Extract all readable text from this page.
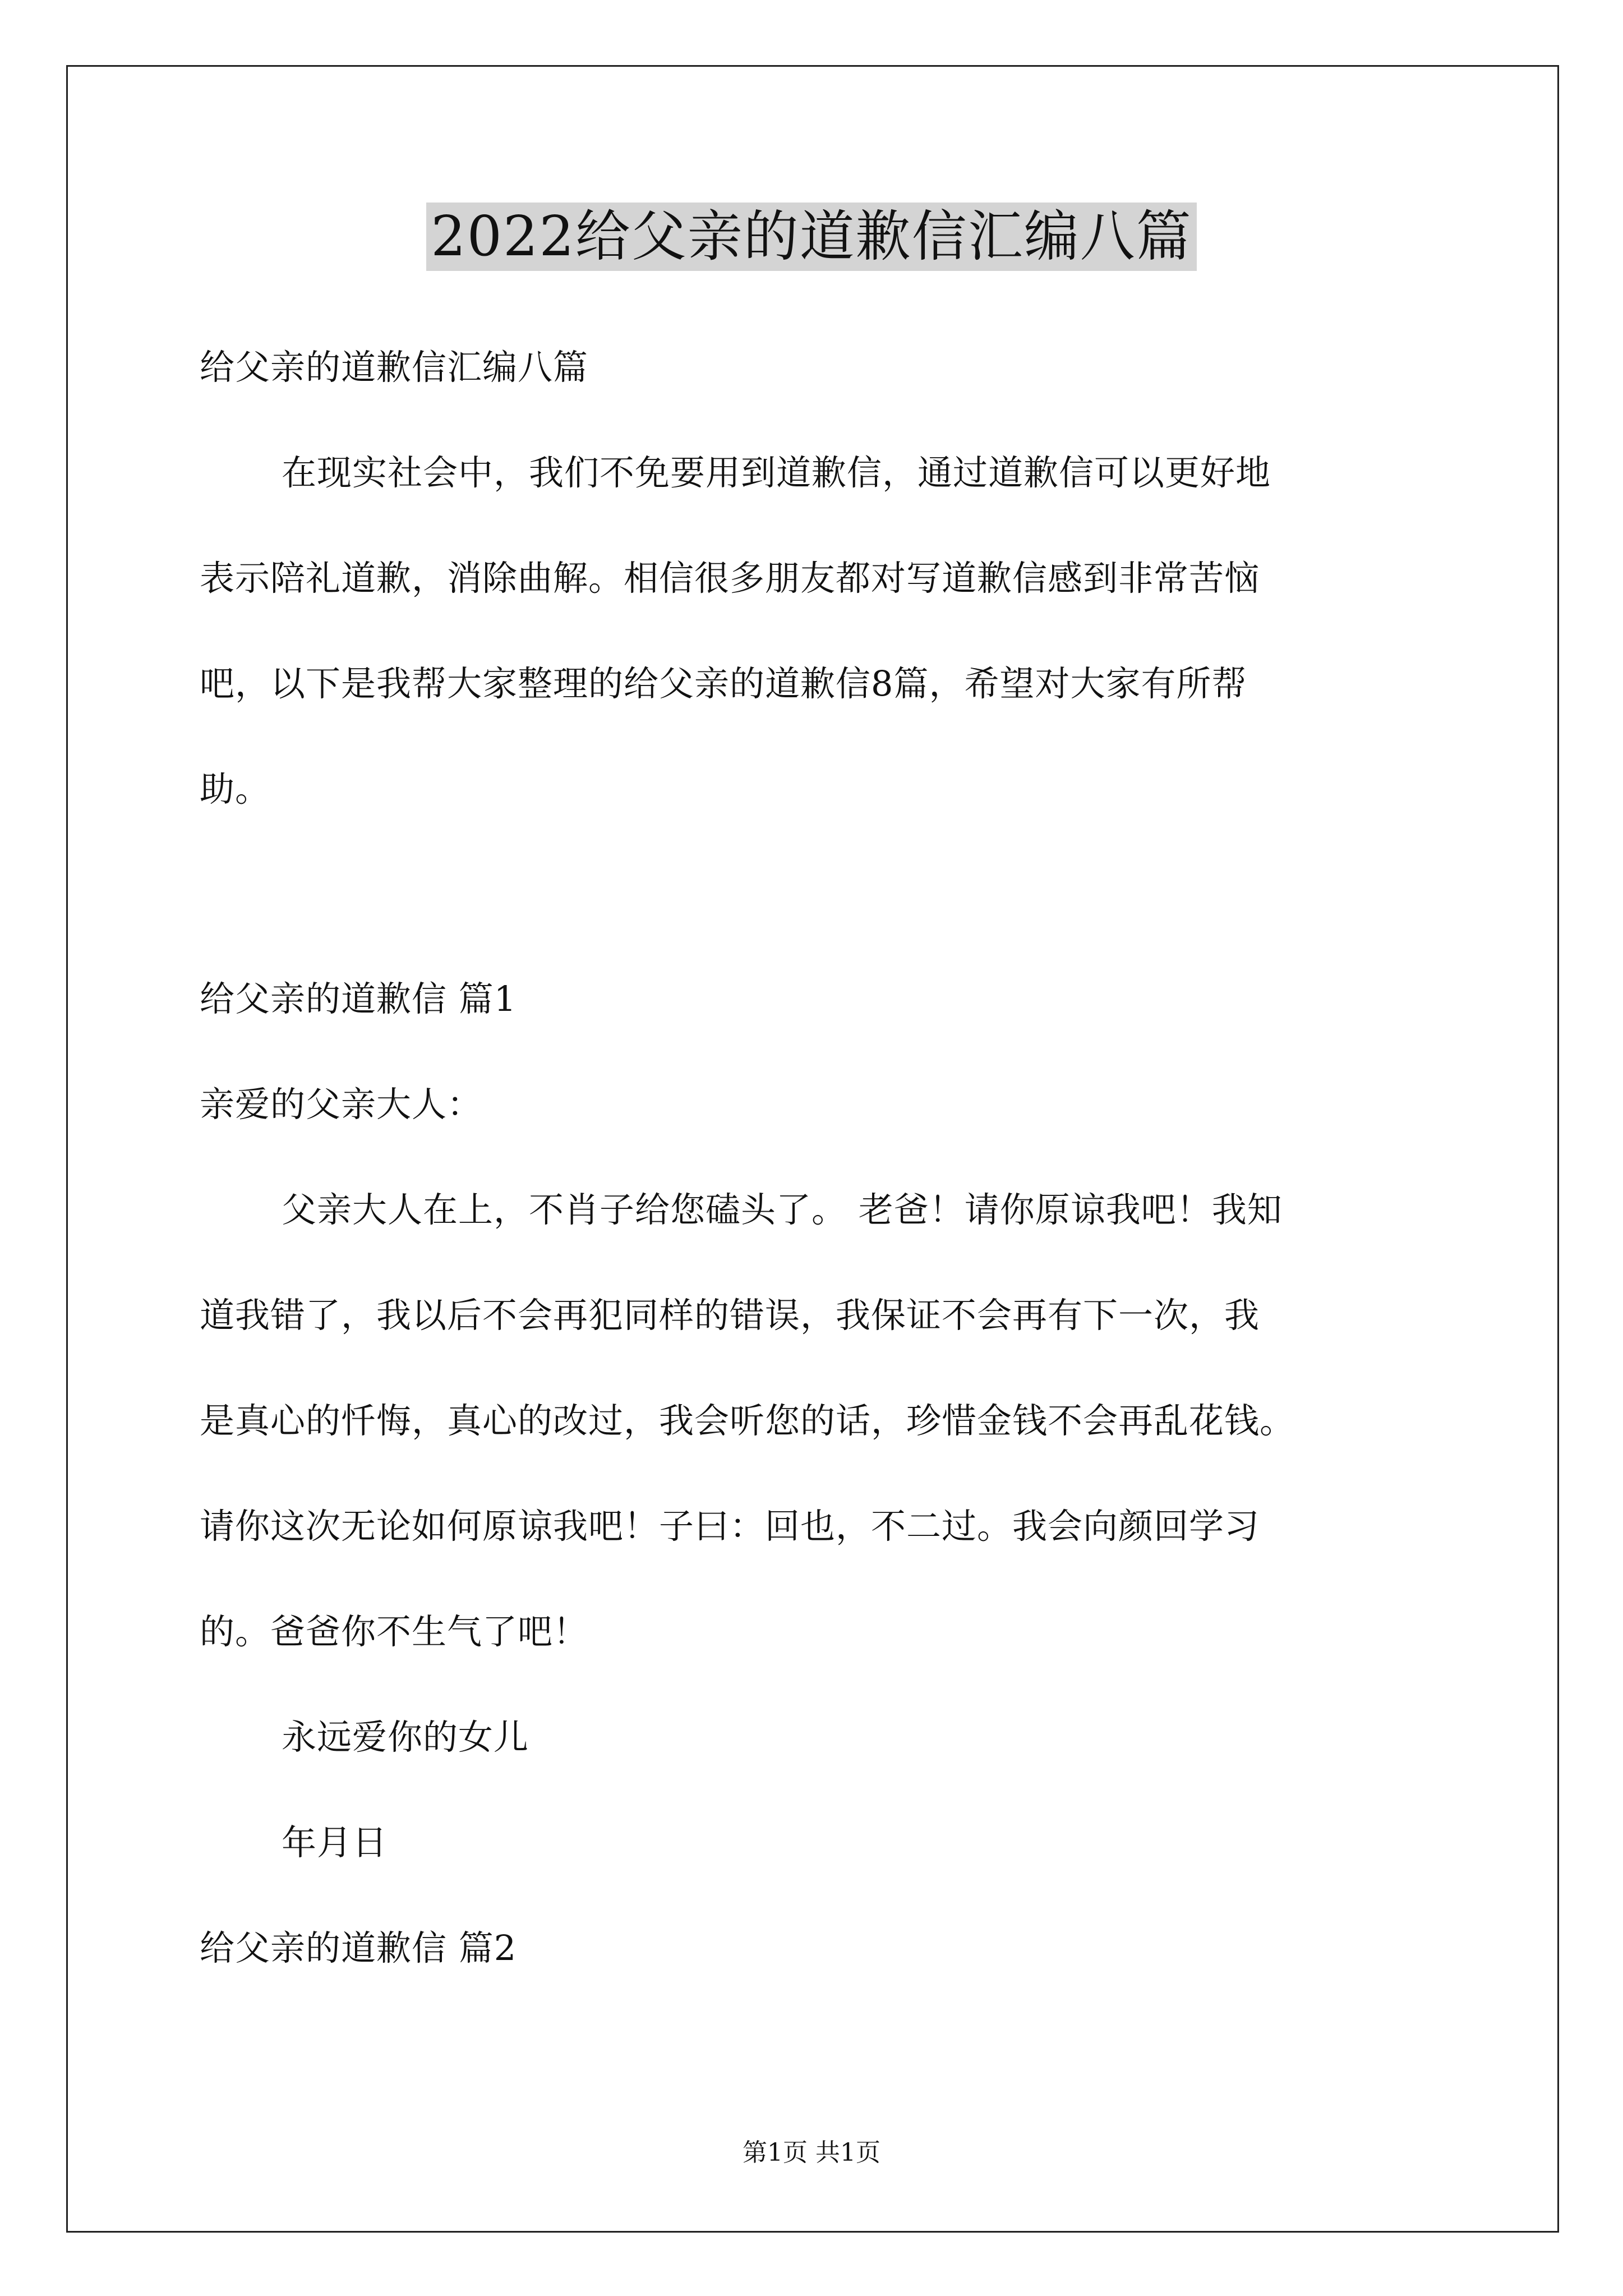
2022给父亲的道歉信汇编八篇
给父亲的道歉信汇编八篇
在现实社会中，我们不免要用到道歉信，通过道歉信可以更好地
表示陪礼道歉，消除曲解。相信很多朋友都对写道歉信感到非常苦恼
吧，以下是我帮大家整理的给父亲的道歉信8篇，希望对大家有所帮
助。
给父亲的道歉信 篇1
亲爱的父亲大人：
父亲大人在上，不肖子给您磕头了。 老爸！请你原谅我吧！我知
道我错了，我以后不会再犯同样的错误，我保证不会再有下一次，我
是真心的忏悔，真心的改过，我会听您的话，珍惜金钱不会再乱花钱。
请你这次无论如何原谅我吧！子曰：回也，不二过。我会向颜回学习
的。爸爸你不生气了吧！
永远爱你的女儿
年月日
给父亲的道歉信 篇2
第1页 共1页
